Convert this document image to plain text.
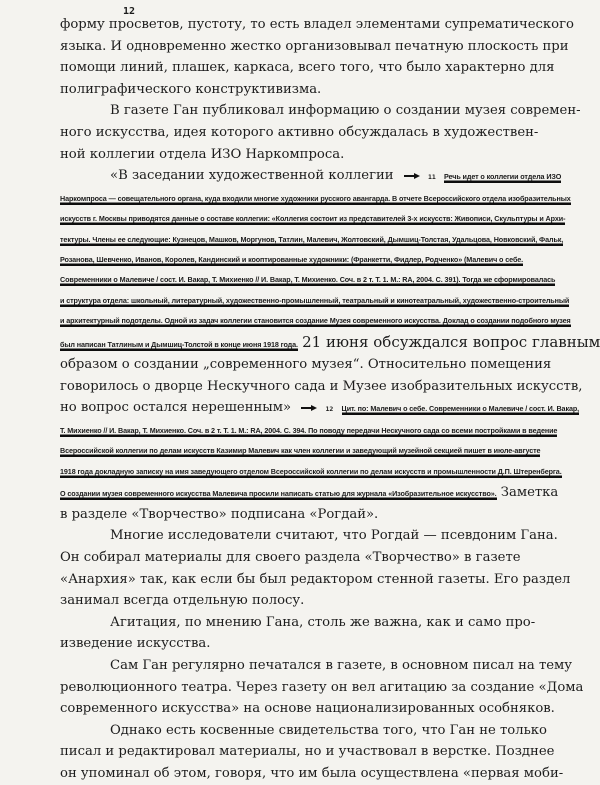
12

форму просветов, пустоту, то есть владел элементами супрематического

языка. И одновременно жестко организовывал печатную плоскость при

помощи линий, плашек, каркаса, всего того, что было характерно для

полиграфического конструктивизма.

В газете Ган публиковал информацию о создании музея современ-

ного искусства, идея которого активно обсуждалась в художествен-

ной коллегии отдела ИЗО Наркомпроса.

«В заседании художественной коллегии	11 Речь идет о коллегии отдела ИЗО

Наркомпроса — совещательного органа, куда входили многие художники русского авангарда. В отчете Всероссийского отдела изобразительных
искусств г. Москвы приводятся данные о составе коллегии: «Коллегия состоит из представителей 3-х искусств: Живописи, Скульптуры и Архи-
тектуры. Члены ее следующие: Кузнецов, Машков, Моргунов, Татлин, Малевич, Жолтовский, Дымшиц-Толстая, Удальцова, Новковский, Фальк,
Розанова, Шевченко, Иванов, Королев, Кандинский и кооптированные художники: (Франкетти, Фидлер, Родченко» (Малевич о себе.
Современники о Малевиче / сост. И. Вакар, Т. Михиенко // И. Вакар, Т. Михиенко. Соч. в 2 т. Т. 1. М.: RA, 2004. С. 391). Тогда же сформировалась
и структура отдела: школьный, литературный, художественно-промышленный, театральный и кинотеатральный, художественно-строительный
и архитектурный подотделы. Одной из задач коллегии становится создание Музея современного искусства. Доклад о создании подобного музея

был написан Татлиным и Дымшиц-Толстой в конце июня 1918 года. 21 июня обсуждался вопрос главным

образом о создании „современного музея“. Относительно помещения

говорилось о дворце Нескучного сада и Музее изобразительных искусств,

но вопрос остался нерешенным»	12 Цит. по: Малевич о себе. Современники о Малевиче / сост. И. Вакар,

Т. Михиенко // И. Вакар, Т. Михиенко. Соч. в 2 т. Т. 1. М.: RA, 2004. С. 394. По поводу передачи Нескучного сада со всеми постройками в ведение
Всероссийской коллегии по делам искусств Казимир Малевич как член коллегии и заведующий музейной секцией пишет в июле-августе
1918 года докладную записку на имя заведующего отделом Всероссийской коллегии по делам искусств и промышленности Д.П. Штеренберга.

О создании музея современного искусства Малевича просили написать статью для журнала «Изобразительное искусство». Заметка

в разделе «Творчество» подписана «Рогдай».

Многие исследователи считают, что Рогдай — псевдоним Гана.

Он собирал материалы для своего раздела «Творчество» в газете

«Анархия» так, как если бы был редактором стенной газеты. Его раздел

занимал всегда отдельную полосу.

Агитация, по мнению Гана, столь же важна, как и само про-

изведение искусства.

Сам Ган регулярно печатался в газете, в основном писал на тему

революционного театра. Через газету он вел агитацию за создание «Дома

современного искусства» на основе национализированных особняков.

Однако есть косвенные свидетельства того, что Ган не только

писал и редактировал материалы, но и участвовал в верстке. Позднее

он упоминал об этом, говоря, что им была осуществлена «первая моби-
